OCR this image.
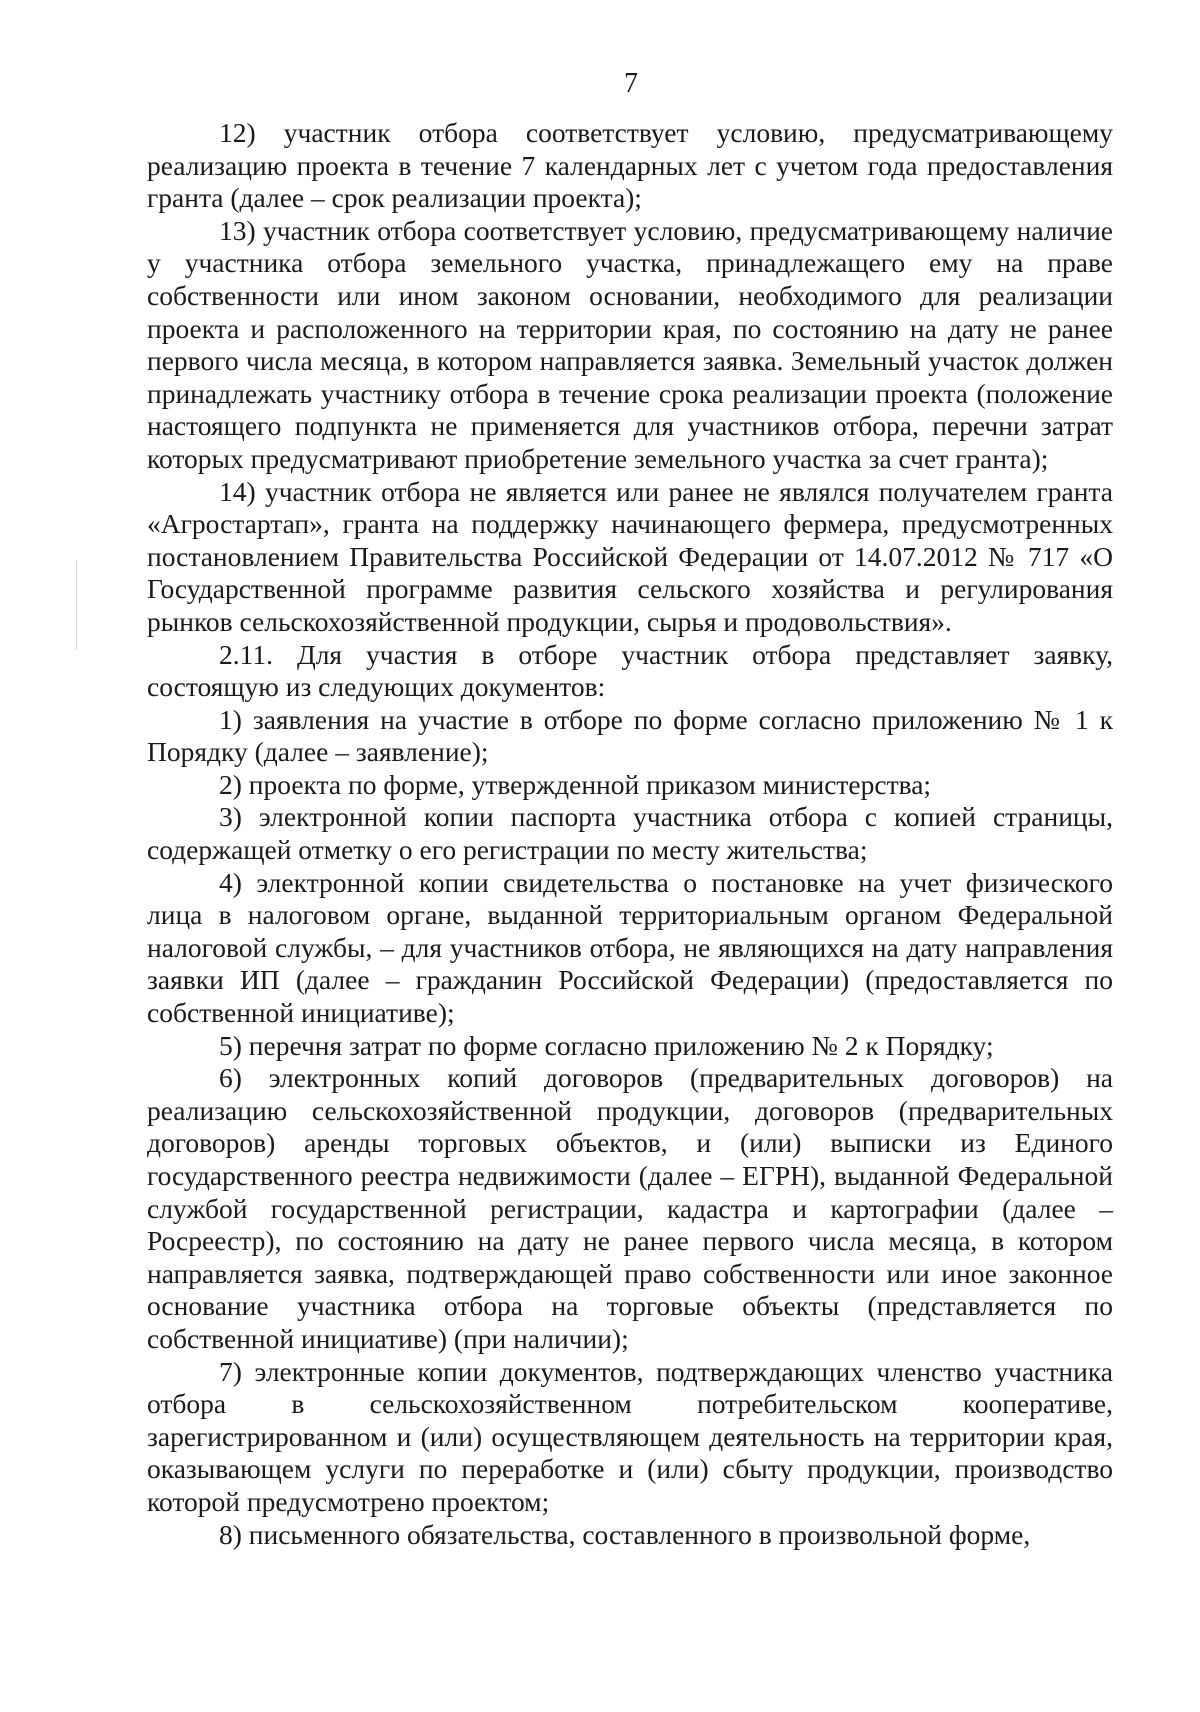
7

12) участник отбора соответствует условию, предусматривающему реализацию проекта в течение 7 календарных лет с учетом года предоставления гранта (далее – срок реализации проекта);

13) участник отбора соответствует условию, предусматривающему наличие у участника отбора земельного участка, принадлежащего ему на праве собственности или ином законом основании, необходимого для реализации проекта и расположенного на территории края, по состоянию на дату не ранее первого числа месяца, в котором направляется заявка. Земельный участок должен принадлежать участнику отбора в течение срока реализации проекта (положение настоящего подпункта не применяется для участников отбора, перечни затрат которых предусматривают приобретение земельного участка за счет гранта);

14) участник отбора не является или ранее не являлся получателем гранта «Агростартап», гранта на поддержку начинающего фермера, предусмотренных постановлением Правительства Российской Федерации от 14.07.2012 № 717 «О Государственной программе развития сельского хозяйства и регулирования рынков сельскохозяйственной продукции, сырья и продовольствия».

2.11. Для участия в отборе участник отбора представляет заявку, состоящую из следующих документов:

1) заявления на участие в отборе по форме согласно приложению № 1 к Порядку (далее – заявление);

2) проекта по форме, утвержденной приказом министерства;

3) электронной копии паспорта участника отбора с копией страницы, содержащей отметку о его регистрации по месту жительства;

4) электронной копии свидетельства о постановке на учет физического лица в налоговом органе, выданной территориальным органом Федеральной налоговой службы, – для участников отбора, не являющихся на дату направления заявки ИП (далее – гражданин Российской Федерации) (предоставляется по собственной инициативе);

5) перечня затрат по форме согласно приложению № 2 к Порядку;

6) электронных копий договоров (предварительных договоров) на реализацию сельскохозяйственной продукции, договоров (предварительных договоров) аренды торговых объектов, и (или) выписки из Единого государственного реестра недвижимости (далее – ЕГРН), выданной Федеральной службой государственной регистрации, кадастра и картографии (далее – Росреестр), по состоянию на дату не ранее первого числа месяца, в котором направляется заявка, подтверждающей право собственности или иное законное основание участника отбора на торговые объекты (представляется по собственной инициативе) (при наличии);

7) электронные копии документов, подтверждающих членство участника отбора в сельскохозяйственном потребительском кооперативе, зарегистрированном и (или) осуществляющем деятельность на территории края, оказывающем услуги по переработке и (или) сбыту продукции, производство которой предусмотрено проектом;

8) письменного обязательства, составленного в произвольной форме,
